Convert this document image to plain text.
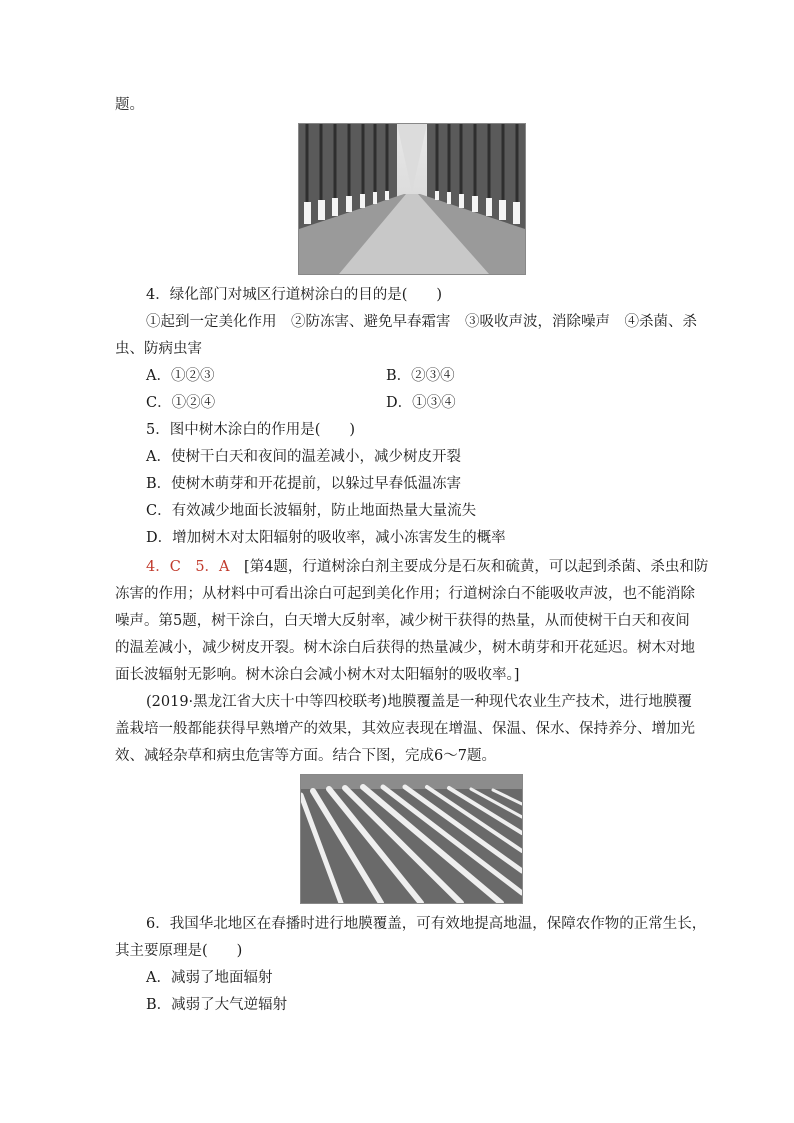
题。
4．绿化部门对城区行道树涂白的目的是(　　)
①起到一定美化作用　②防冻害、避免早春霜害　③吸收声波，消除噪声　④杀菌、杀
虫、防病虫害
A．①②③	B．②③④
C．①②④	D．①③④
5．图中树木涂白的作用是(　　)
A．使树干白天和夜间的温差减小，减少树皮开裂
B．使树木萌芽和开花提前，以躲过早春低温冻害
C．有效减少地面长波辐射，防止地面热量大量流失
D．增加树木对太阳辐射的吸收率，减小冻害发生的概率
4．C　5．A　[第4题，行道树涂白剂主要成分是石灰和硫黄，可以起到杀菌、杀虫和防
冻害的作用；从材料中可看出涂白可起到美化作用；行道树涂白不能吸收声波，也不能消除
噪声。第5题，树干涂白，白天增大反射率，减少树干获得的热量，从而使树干白天和夜间
的温差减小，减少树皮开裂。树木涂白后获得的热量减少，树木萌芽和开花延迟。树木对地
面长波辐射无影响。树木涂白会减小树木对太阳辐射的吸收率。]
(2019·黑龙江省大庆十中等四校联考)地膜覆盖是一种现代农业生产技术，进行地膜覆
盖栽培一般都能获得早熟增产的效果，其效应表现在增温、保温、保水、保持养分、增加光
效、减轻杂草和病虫危害等方面。结合下图，完成6～7题。
6．我国华北地区在春播时进行地膜覆盖，可有效地提高地温，保障农作物的正常生长，
其主要原理是(　　)
A．减弱了地面辐射
B．减弱了大气逆辐射
